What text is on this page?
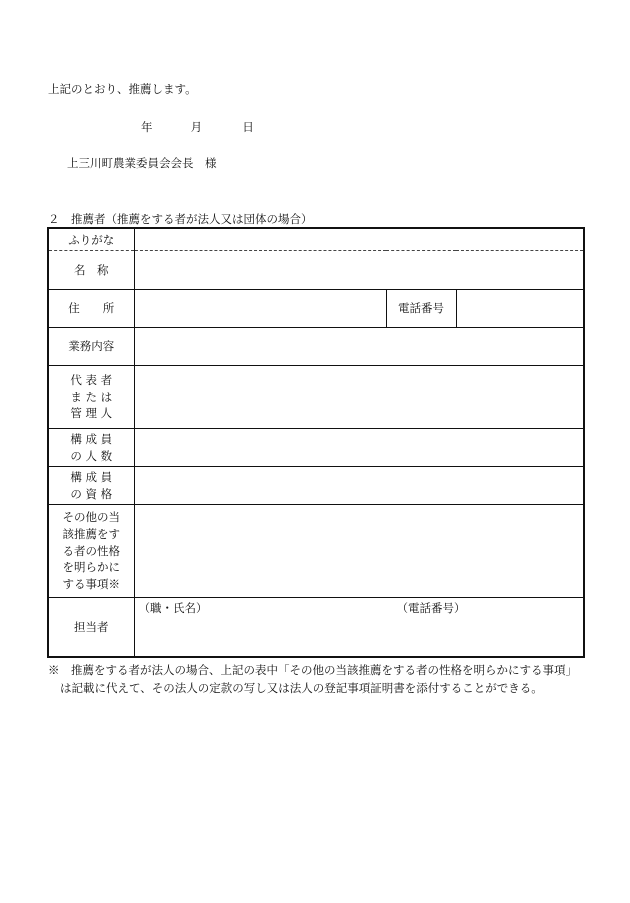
上記のとおり、推薦します。
年	月	日
上三川町農業委員会会長　様
２　推薦者（推薦をする者が法人又は団体の場合）
ふりがな			
名　称			
住　　所		電話番号	
業務内容			

代 表 者
ま た は
管 理 人			

構 成 員
の 人 数			

構 成 員
の 資 格			

その他の当
該推薦をす
る者の性格
を明らかに
する事項※			

担当者	（職・氏名） （電話番号）		
※　推薦をする者が法人の場合、上記の表中「その他の当該推薦をする者の性格を明らかにする事項」
は記載に代えて、その法人の定款の写し又は法人の登記事項証明書を添付することができる。
